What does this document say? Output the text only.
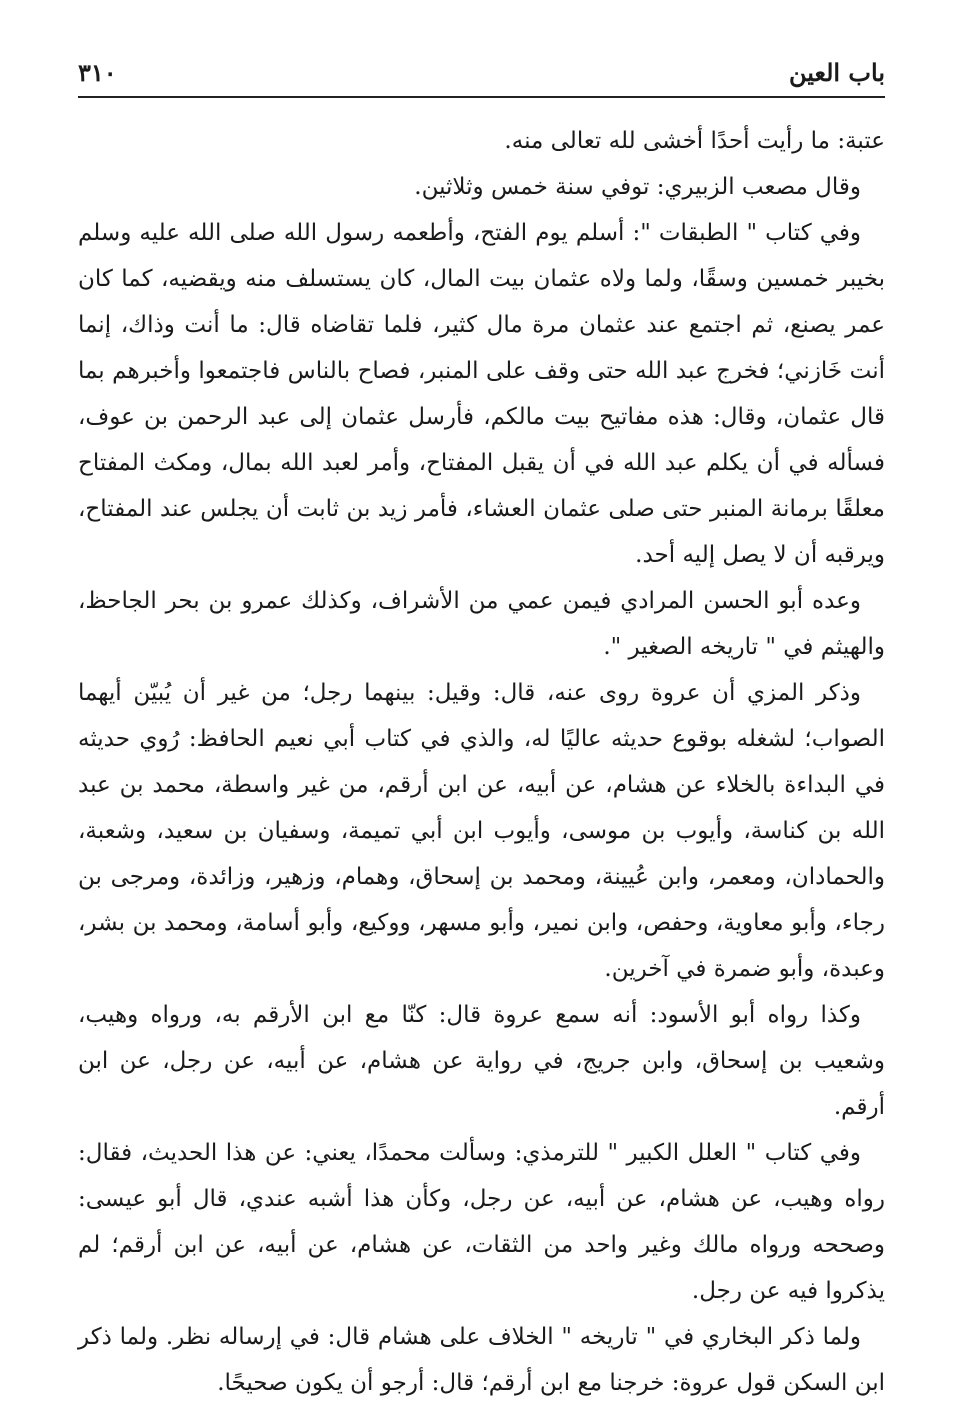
باب العين
٣١٠

عتبة: ما رأيت أحدًا أخشى لله تعالى منه.

وقال مصعب الزبيري: توفي سنة خمس وثلاثين.

وفي كتاب " الطبقات ": أسلم يوم الفتح، وأطعمه رسول الله صلى الله عليه وسلم بخيبر خمسين وسقًا، ولما ولاه عثمان بيت المال، كان يستسلف منه ويقضيه، كما كان عمر يصنع، ثم اجتمع عند عثمان مرة مال كثير، فلما تقاضاه قال: ما أنت وذاك، إنما أنت خَازني؛ فخرج عبد الله حتى وقف على المنبر، فصاح بالناس فاجتمعوا وأخبرهم بما قال عثمان، وقال: هذه مفاتيح بيت مالكم، فأرسل عثمان إلى عبد الرحمن بن عوف، فسأله في أن يكلم عبد الله في أن يقبل المفتاح، وأمر لعبد الله بمال، ومكث المفتاح معلقًا برمانة المنبر حتى صلى عثمان العشاء، فأمر زيد بن ثابت أن يجلس عند المفتاح، ويرقبه أن لا يصل إليه أحد.

وعده أبو الحسن المرادي فيمن عمي من الأشراف، وكذلك عمرو بن بحر الجاحظ، والهيثم في " تاريخه الصغير ".

وذكر المزي أن عروة روى عنه، قال: وقيل: بينهما رجل؛ من غير أن يُبيّن أيهما الصواب؛ لشغله بوقوع حديثه عاليًا له، والذي في كتاب أبي نعيم الحافظ: رُوي حديثه في البداءة بالخلاء عن هشام، عن أبيه، عن ابن أرقم، من غير واسطة، محمد بن عبد الله بن كناسة، وأيوب بن موسى، وأيوب ابن أبي تميمة، وسفيان بن سعيد، وشعبة، والحمادان، ومعمر، وابن عُيينة، ومحمد بن إسحاق، وهمام، وزهير، وزائدة، ومرجى بن رجاء، وأبو معاوية، وحفص، وابن نمير، وأبو مسهر، ووكيع، وأبو أسامة، ومحمد بن بشر، وعبدة، وأبو ضمرة في آخرين.

وكذا رواه أبو الأسود: أنه سمع عروة قال: كنّا مع ابن الأرقم به، ورواه وهيب، وشعيب بن إسحاق، وابن جريج، في رواية عن هشام، عن أبيه، عن رجل، عن ابن أرقم.

وفي كتاب " العلل الكبير " للترمذي: وسألت محمدًا، يعني: عن هذا الحديث، فقال: رواه وهيب، عن هشام، عن أبيه، عن رجل، وكأن هذا أشبه عندي، قال أبو عيسى: وصححه ورواه مالك وغير واحد من الثقات، عن هشام، عن أبيه، عن ابن أرقم؛ لم يذكروا فيه عن رجل.

ولما ذكر البخاري في " تاريخه " الخلاف على هشام قال: في إرساله نظر. ولما ذكر ابن السكن قول عروة: خرجنا مع ابن أرقم؛ قال: أرجو أن يكون صحيحًا.
